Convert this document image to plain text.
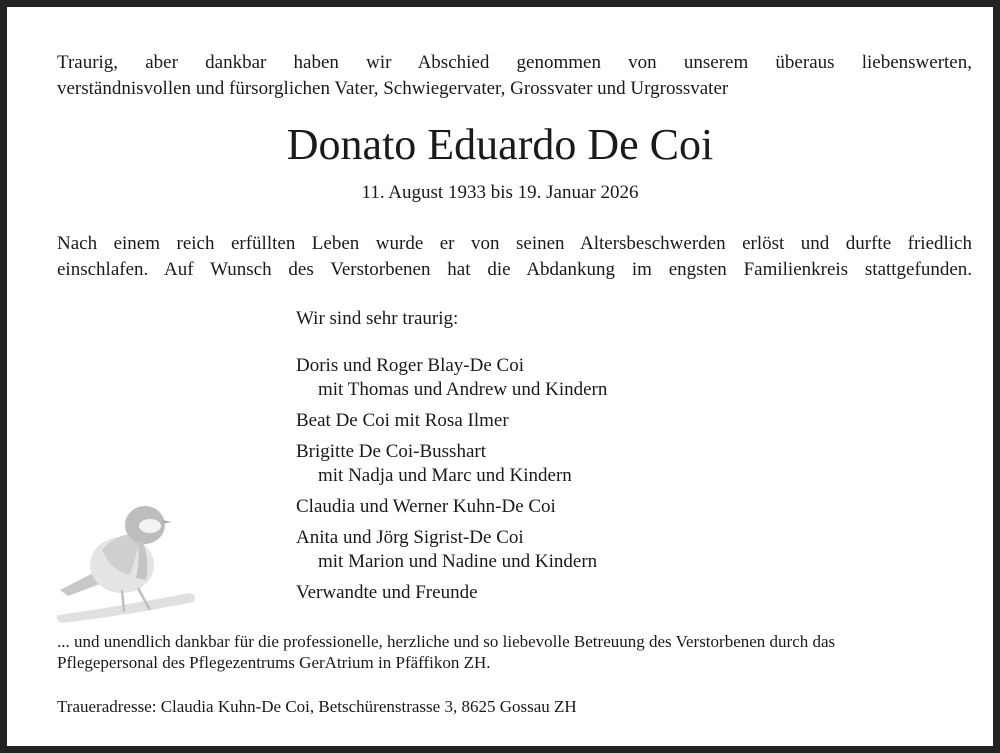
Traurig, aber dankbar haben wir Abschied genommen von unserem überaus liebenswerten,
verständnisvollen und fürsorglichen Vater, Schwiegervater, Grossvater und Urgrossvater
Donato Eduardo De Coi
11. August 1933 bis 19. Januar 2026
Nach einem reich erfüllten Leben wurde er von seinen Altersbeschwerden erlöst und durfte friedlich
einschlafen. Auf Wunsch des Verstorbenen hat die Abdankung im engsten Familienkreis stattgefunden.
Wir sind sehr traurig:
Doris und Roger Blay-De Coi
mit Thomas und Andrew und Kindern
Beat De Coi mit Rosa Ilmer
Brigitte De Coi-Busshart
mit Nadja und Marc und Kindern
Claudia und Werner Kuhn-De Coi
Anita und Jörg Sigrist-De Coi
mit Marion und Nadine und Kindern
Verwandte und Freunde
... und unendlich dankbar für die professionelle, herzliche und so liebevolle Betreuung des Verstorbenen durch das
Pflegepersonal des Pflegezentrums GerAtrium in Pfäffikon ZH.
Traueradresse: Claudia Kuhn-De Coi, Betschürenstrasse 3, 8625 Gossau ZH
